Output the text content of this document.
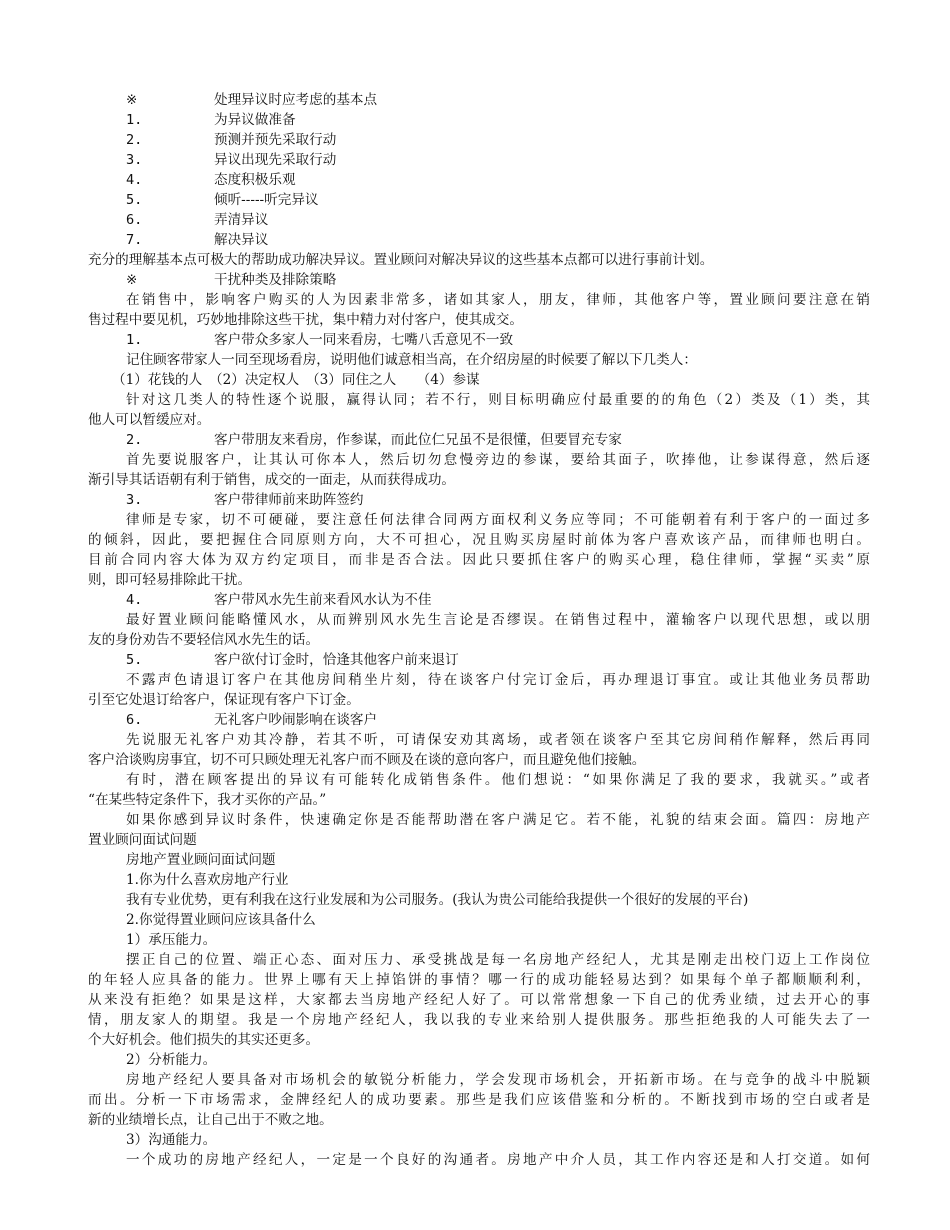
※	处理异议时应考虑的基本点
1.	为异议做准备
2.	预测并预先采取行动
3.	异议出现先采取行动
4.	态度积极乐观
5.	倾听-----听完异议
6.	弄清异议
7.	解决异议
充分的理解基本点可极大的帮助成功解决异议。置业顾问对解决异议的这些基本点都可以进行事前计划。
※	干扰种类及排除策略
在销售中，影响客户购买的人为因素非常多，诸如其家人，朋友，律师，其他客户等，置业顾问要注意在销
售过程中要见机，巧妙地排除这些干扰，集中精力对付客户，使其成交。
1.	客户带众多家人一同来看房，七嘴八舌意见不一致
记住顾客带家人一同至现场看房，说明他们诚意相当高，在介绍房屋的时候要了解以下几类人：
（1）花钱的人　（2）决定权人　（3）同住之人　　（4）参谋
针对这几类人的特性逐个说服，赢得认同；若不行，则目标明确应付最重要的的角色（2）类及（1）类，其
他人可以暂缓应对。
2.	客户带朋友来看房，作参谋，而此位仁兄虽不是很懂，但要冒充专家
首先要说服客户，让其认可你本人，然后切勿怠慢旁边的参谋，要给其面子，吹捧他，让参谋得意，然后逐
渐引导其话语朝有利于销售，成交的一面走，从而获得成功。
3.	客户带律师前来助阵签约
律师是专家，切不可硬碰，要注意任何法律合同两方面权利义务应等同；不可能朝着有利于客户的一面过多
的倾斜，因此，要把握住合同原则方向，大不可担心，况且购买房屋时前体为客户喜欢该产品，而律师也明白。
目前合同内容大体为双方约定项目，而非是否合法。因此只要抓住客户的购买心理，稳住律师，掌握“买卖”原
则，即可轻易排除此干扰。
4.	客户带风水先生前来看风水认为不佳
最好置业顾问能略懂风水，从而辨别风水先生言论是否缪误。在销售过程中，灌输客户以现代思想，或以朋
友的身份劝告不要轻信风水先生的话。
5.	客户欲付订金时，恰逢其他客户前来退订
不露声色请退订客户在其他房间稍坐片刻，待在谈客户付完订金后，再办理退订事宜。或让其他业务员帮助
引至它处退订给客户，保证现有客户下订金。
6.	无礼客户吵闹影响在谈客户
先说服无礼客户劝其冷静，若其不听，可请保安劝其离场，或者领在谈客户至其它房间稍作解释，然后再同
客户洽谈购房事宜，切不可只顾处理无礼客户而不顾及在谈的意向客户，而且避免他们接触。
有时，潜在顾客提出的异议有可能转化成销售条件。他们想说：“如果你满足了我的要求，我就买。”或者
“在某些特定条件下，我才买你的产品。”
如果你感到异议时条件，快速确定你是否能帮助潜在客户满足它。若不能，礼貌的结束会面。篇四：房地产
置业顾问面试问题
房地产置业顾问面试问题
1.你为什么喜欢房地产行业
我有专业优势，更有利我在这行业发展和为公司服务。(我认为贵公司能给我提供一个很好的发展的平台)
2.你觉得置业顾问应该具备什么
1）承压能力。
摆正自己的位置、端正心态、面对压力、承受挑战是每一名房地产经纪人，尤其是刚走出校门迈上工作岗位
的年轻人应具备的能力。世界上哪有天上掉馅饼的事情？哪一行的成功能轻易达到？如果每个单子都顺顺利利，
从来没有拒绝？如果是这样，大家都去当房地产经纪人好了。可以常常想象一下自己的优秀业绩，过去开心的事
情，朋友家人的期望。我是一个房地产经纪人，我以我的专业来给别人提供服务。那些拒绝我的人可能失去了一
个大好机会。他们损失的其实还更多。
2）分析能力。
房地产经纪人要具备对市场机会的敏锐分析能力，学会发现市场机会，开拓新市场。在与竞争的战斗中脱颖
而出。分析一下市场需求，金牌经纪人的成功要素。那些是我们应该借鉴和分析的。不断找到市场的空白或者是
新的业绩增长点，让自己出于不败之地。
3）沟通能力。
一个成功的房地产经纪人，一定是一个良好的沟通者。房地产中介人员，其工作内容还是和人打交道。如何
